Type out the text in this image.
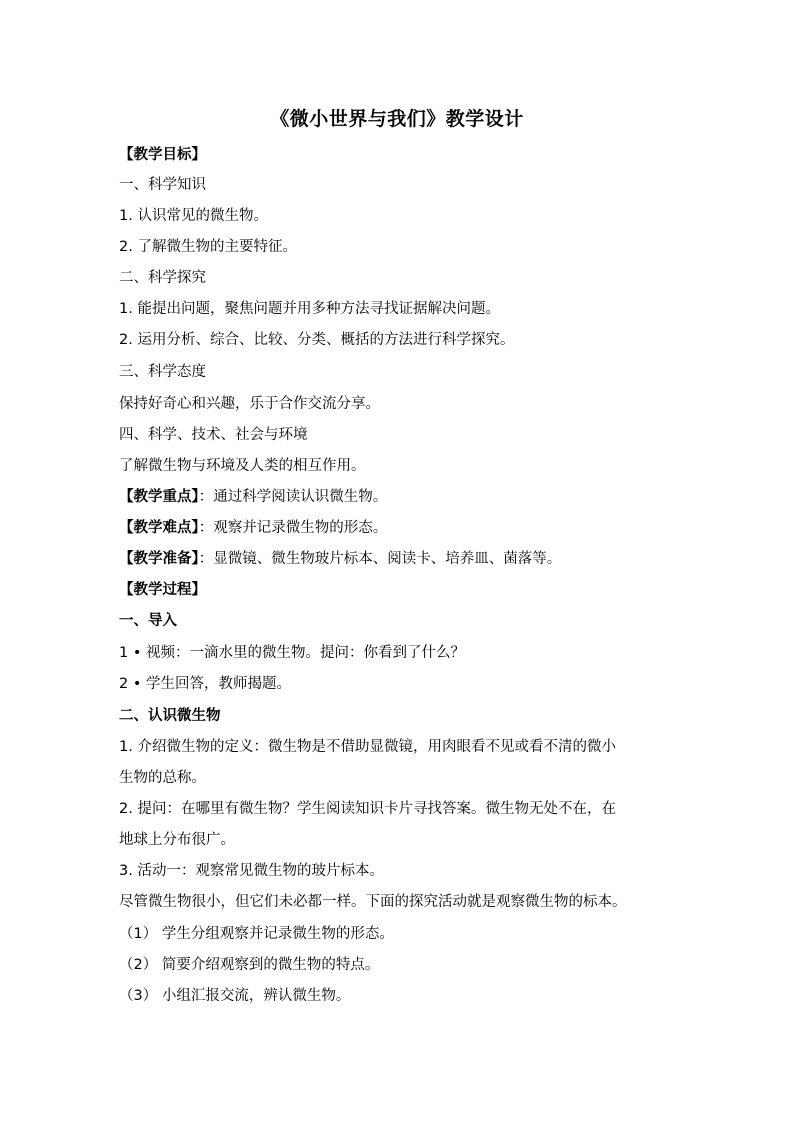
《微小世界与我们》教学设计
【教学目标】
一、科学知识
1. 认识常见的微生物。
2. 了解微生物的主要特征。
二、科学探究
1. 能提出问题，聚焦问题并用多种方法寻找证据解决问题。
2. 运用分析、综合、比较、分类、概括的方法进行科学探究。
三、科学态度
保持好奇心和兴趣，乐于合作交流分享。
四、科学、技术、社会与环境
了解微生物与环境及人类的相互作用。
【教学重点】：通过科学阅读认识微生物。
【教学难点】：观察并记录微生物的形态。
【教学准备】：显微镜、微生物玻片标本、阅读卡、培养皿、菌落等。
【教学过程】
一、导入
1 • 视频：一滴水里的微生物。提问：你看到了什么？
2 • 学生回答，教师揭题。
二、认识微生物
1. 介绍微生物的定义：微生物是不借助显微镜，用肉眼看不见或看不清的微小
生物的总称。
2. 提问：在哪里有微生物？学生阅读知识卡片寻找答案。微生物无处不在，在
地球上分布很广。
3. 活动一：观察常见微生物的玻片标本。
尽管微生物很小，但它们未必都一样。下面的探究活动就是观察微生物的标本。
（1） 学生分组观察并记录微生物的形态。
（2） 简要介绍观察到的微生物的特点。
（3） 小组汇报交流，辨认微生物。
